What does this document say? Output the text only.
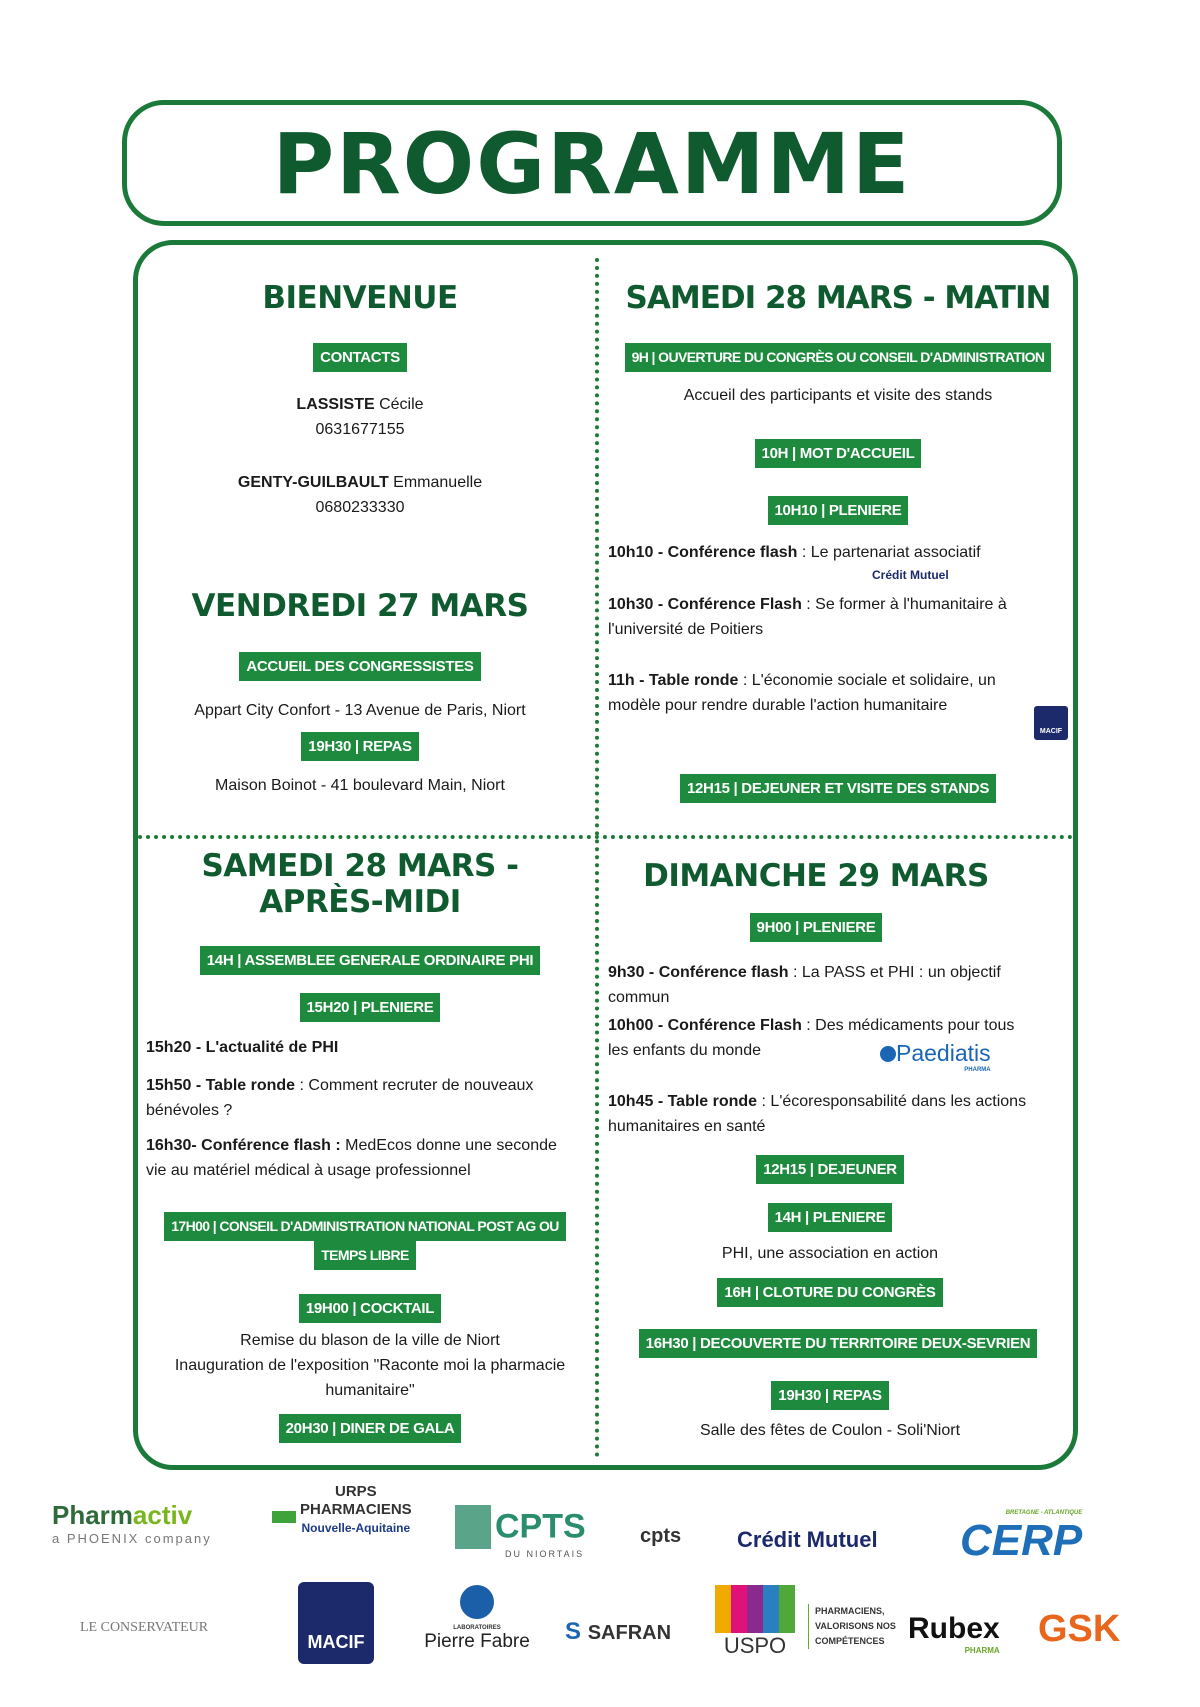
PROGRAMME
BIENVENUE
CONTACTS
LASSISTE Cécile
0631677155
GENTY-GUILBAULT Emmanuelle
0680233330
VENDREDI 27 MARS
ACCUEIL DES CONGRESSISTES
Appart City Confort - 13 Avenue de Paris, Niort
19H30 | REPAS
Maison Boinot - 41 boulevard Main, Niort
SAMEDI 28 MARS - MATIN
9H | OUVERTURE DU CONGRÈS OU CONSEIL D'ADMINISTRATION
Accueil des participants et visite des stands
10H | MOT D'ACCUEIL
10H10 | PLENIERE
10h10 - Conférence flash : Le partenariat associatif
Crédit Mutuel
10h30 - Conférence Flash : Se former à l'humanitaire à l'université de Poitiers
11h - Table ronde : L'économie sociale et solidaire, un modèle pour rendre durable l'action humanitaire
MACIF
12H15 | DEJEUNER ET VISITE DES STANDS
SAMEDI 28 MARS -
APRÈS-MIDI
14H | ASSEMBLEE GENERALE ORDINAIRE PHI
15H20 | PLENIERE
15h20 - L'actualité de PHI
15h50 - Table ronde : Comment recruter de nouveaux bénévoles ?
16h30- Conférence flash : MedEcos donne une seconde vie au matériel médical à usage professionnel
17H00 | CONSEIL D'ADMINISTRATION NATIONAL POST AG OU
TEMPS LIBRE
19H00 | COCKTAIL
Remise du blason de la ville de Niort
Inauguration de l'exposition "Raconte moi la pharmacie
humanitaire"
20H30 | DINER DE GALA
DIMANCHE 29 MARS
9H00 | PLENIERE
9h30 - Conférence flash : La PASS et PHI : un objectif commun
10h00 - Conférence Flash : Des médicaments pour tous les enfants du monde	Paediatis
PHARMA
10h45 - Table ronde : L'écoresponsabilité dans les actions humanitaires en santé
12H15 | DEJEUNER
14H | PLENIERE
PHI, une association en action
16H | CLOTURE DU CONGRÈS
16H30 | DECOUVERTE DU TERRITOIRE DEUX-SEVRIEN
19H30 | REPAS
Salle des fêtes de Coulon - Soli'Niort
Pharmactiv
a PHOENIX company
URPS
PHARMACIENS
Nouvelle-Aquitaine	CPTS
DU NIORTAIS
cpts	Crédit Mutuel
BRETAGNE - ATLANTIQUE
CERP
LE CONSERVATEUR
MACIF
LABORATOIRES
Pierre Fabre	S SAFRAN	USPO
PHARMACIENS, VALORISONS NOS COMPÉTENCES Rubex
PHARMA
GSK
